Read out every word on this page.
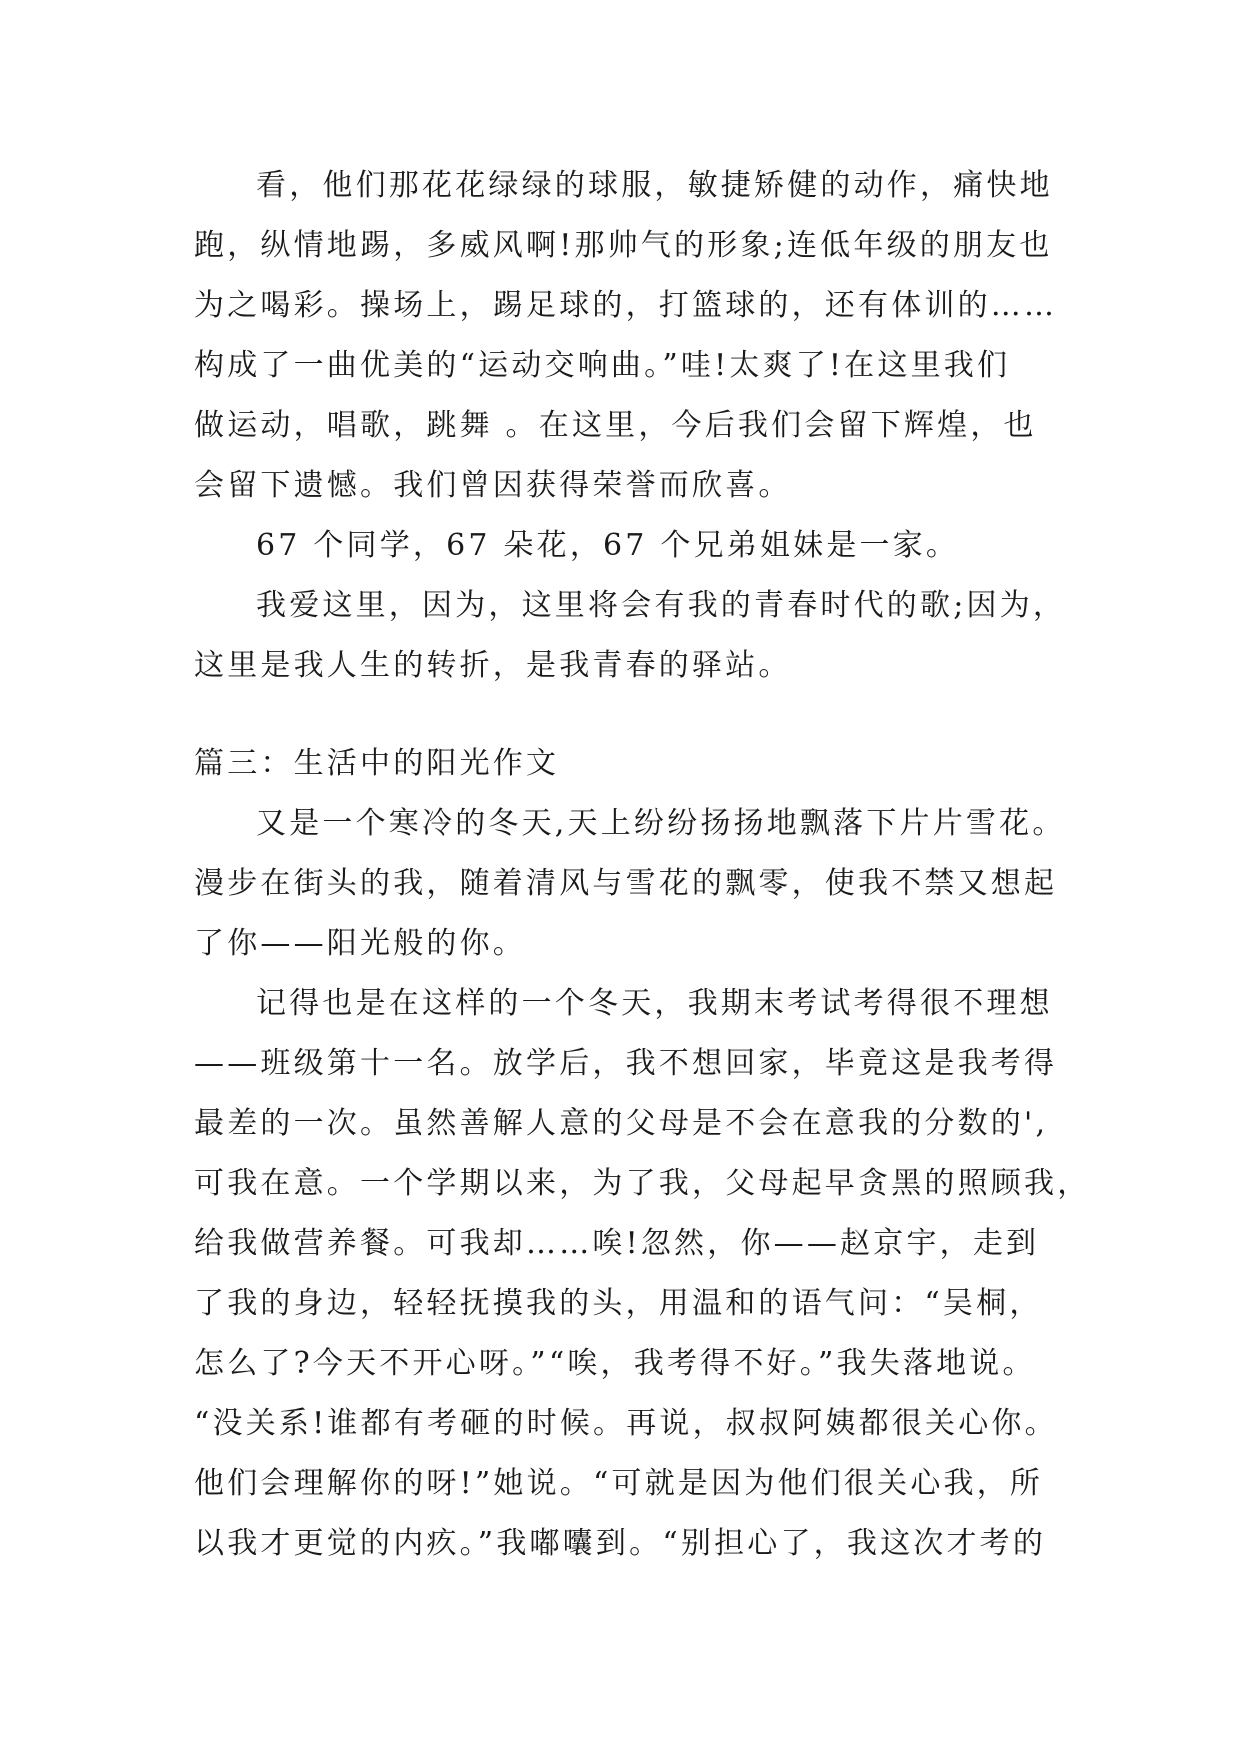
看，他们那花花绿绿的球服，敏捷矫健的动作，痛快地
跑，纵情地踢，多威风啊!那帅气的形象;连低年级的朋友也
为之喝彩。操场上，踢足球的，打篮球的，还有体训的……
构成了一曲优美的“运动交响曲。”哇!太爽了!在这里我们
做运动，唱歌，跳舞 。在这里，今后我们会留下辉煌，也
会留下遗憾。我们曾因获得荣誉而欣喜。
67 个同学，67 朵花，67 个兄弟姐妹是一家。
我爱这里，因为，这里将会有我的青春时代的歌;因为，
这里是我人生的转折，是我青春的驿站。
篇三：生活中的阳光作文
又是一个寒冷的冬天,天上纷纷扬扬地飘落下片片雪花。
漫步在街头的我，随着清风与雪花的飘零，使我不禁又想起
了你——阳光般的你。
记得也是在这样的一个冬天，我期末考试考得很不理想
——班级第十一名。放学后，我不想回家，毕竟这是我考得
最差的一次。虽然善解人意的父母是不会在意我的分数的',
可我在意。一个学期以来，为了我，父母起早贪黑的照顾我，
给我做营养餐。可我却……唉!忽然，你——赵京宇，走到
了我的身边，轻轻抚摸我的头，用温和的语气问：“吴桐，
怎么了?今天不开心呀。”“唉，我考得不好。”我失落地说。
“没关系!谁都有考砸的时候。再说，叔叔阿姨都很关心你。
他们会理解你的呀!”她说。“可就是因为他们很关心我，所
以我才更觉的内疚。”我嘟囔到。“别担心了，我这次才考的
